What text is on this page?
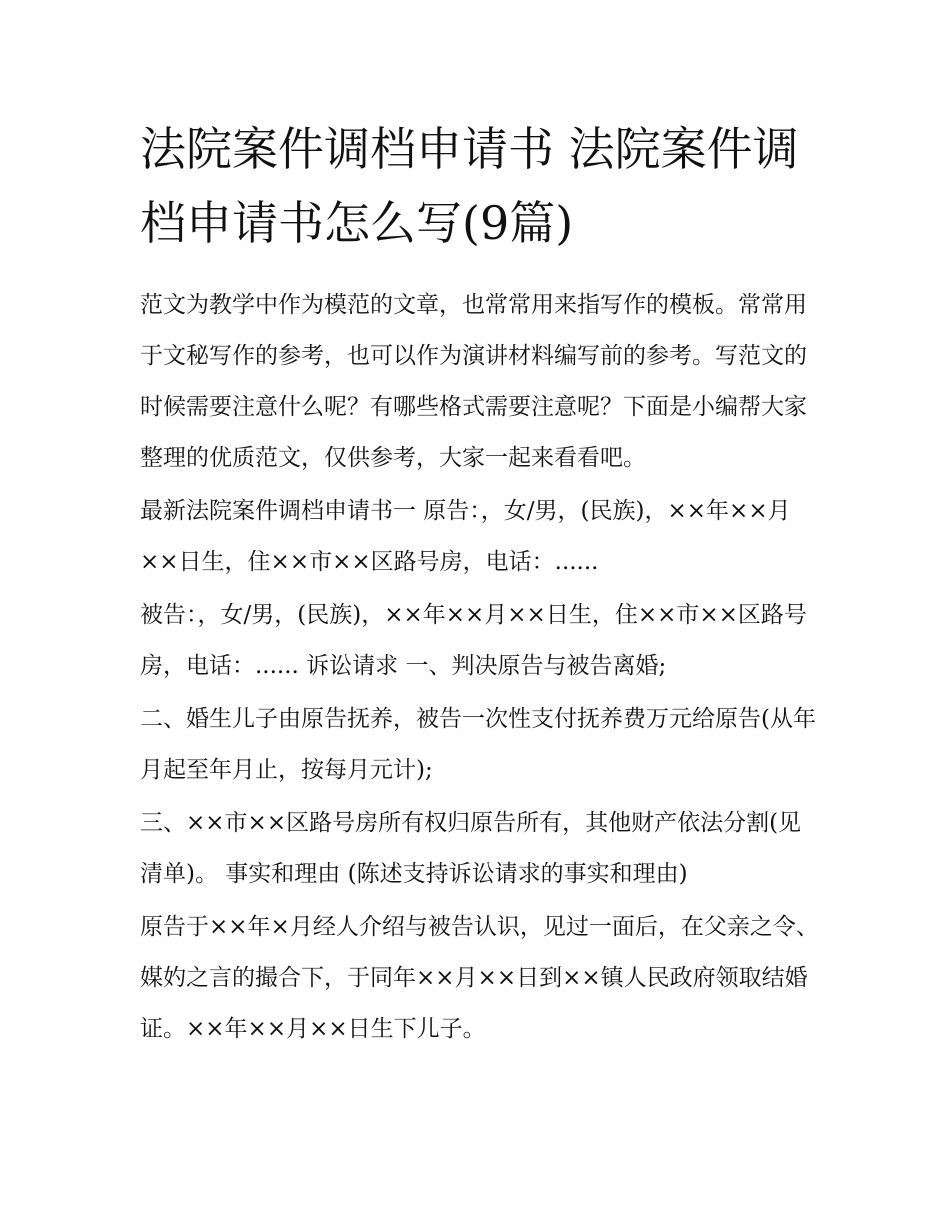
法院案件调档申请书 法院案件调档申请书怎么写(9篇)

范文为教学中作为模范的文章，也常常用来指写作的模板。常常用于文秘写作的参考，也可以作为演讲材料编写前的参考。写范文的时候需要注意什么呢？有哪些格式需要注意呢？下面是小编帮大家整理的优质范文，仅供参考，大家一起来看看吧。

最新法院案件调档申请书一 原告：，女/男，(民族)，××年××月××日生，住××市××区路号房，电话：......

被告：，女/男，(民族)，××年××月××日生，住××市××区路号房，电话：...... 诉讼请求 一、判决原告与被告离婚;

二、婚生儿子由原告抚养，被告一次性支付抚养费万元给原告(从年月起至年月止，按每月元计);

三、××市××区路号房所有权归原告所有，其他财产依法分割(见清单)。 事实和理由 (陈述支持诉讼请求的事实和理由)

原告于××年×月经人介绍与被告认识，见过一面后，在父亲之令、媒妁之言的撮合下，于同年××月××日到××镇人民政府领取结婚证。××年××月××日生下儿子。
